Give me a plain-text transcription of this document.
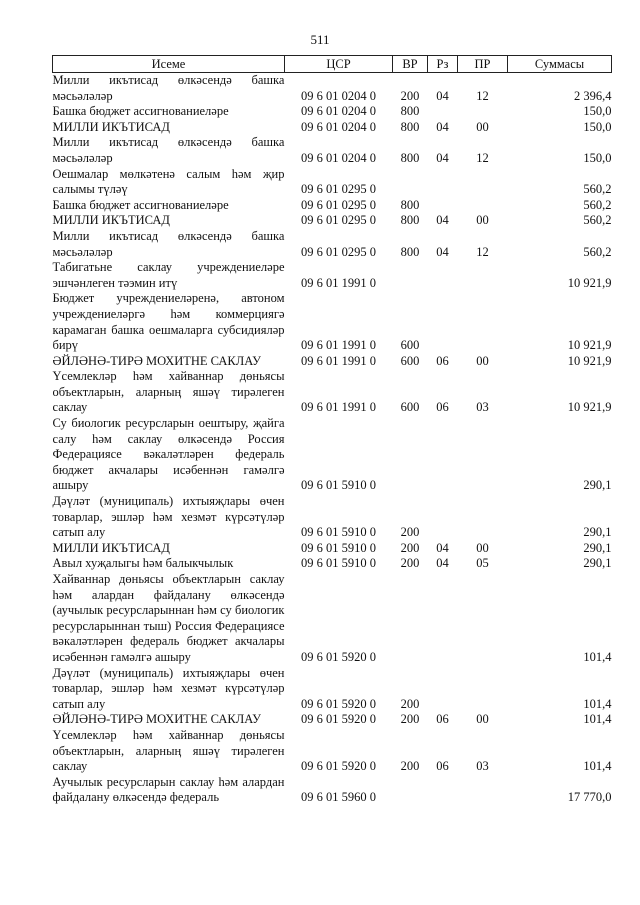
511
Исеме	ЦСР	ВР	Рз	ПР	Суммасы
Милли икътисад өлкәсендә башка мәсьәләләр	09 6 01 0204 0	200	04	12	2 396,4
Башка бюджет ассигнованиеләре	09 6 01 0204 0	800			150,0
МИЛЛИ ИКЪТИСАД	09 6 01 0204 0	800	04	00	150,0
Милли икътисад өлкәсендә башка мәсьәләләр	09 6 01 0204 0	800	04	12	150,0
Оешмалар мөлкәтенә салым һәм җир салымы түләү	09 6 01 0295 0				560,2
Башка бюджет ассигнованиеләре	09 6 01 0295 0	800			560,2
МИЛЛИ ИКЪТИСАД	09 6 01 0295 0	800	04	00	560,2
Милли икътисад өлкәсендә башка мәсьәләләр	09 6 01 0295 0	800	04	12	560,2
Табигатьне саклау учреждениеләре эшчәнлеген тәэмин итү	09 6 01 1991 0				10 921,9
Бюджет учреждениеләренә, автоном учреждениеләргә һәм коммерциягә карамаган башка оешмаларга субсидияләр бирү	09 6 01 1991 0	600			10 921,9
ӘЙЛӘНӘ-ТИРӘ МОХИТНЕ САКЛАУ	09 6 01 1991 0	600	06	00	10 921,9
Үсемлекләр һәм хайваннар дөньясы объектларын, аларның яшәү тирәлеген саклау	09 6 01 1991 0	600	06	03	10 921,9
Су биологик ресурсларын оештыру, җайга салу һәм саклау өлкәсендә Россия Федерациясе вәкаләтләрен федераль бюджет акчалары исәбеннән гамәлгә ашыру	09 6 01 5910 0				290,1
Дәүләт (муниципаль) ихтыяҗлары өчен товарлар, эшләр һәм хезмәт күрсәтүләр сатып алу	09 6 01 5910 0	200			290,1
МИЛЛИ ИКЪТИСАД	09 6 01 5910 0	200	04	00	290,1
Авыл хуҗалыгы һәм балыкчылык	09 6 01 5910 0	200	04	05	290,1
Хайваннар дөньясы объектларын саклау һәм алардан файдалану өлкәсендә (аучылык ресурсларыннан һәм су биологик ресурсларыннан тыш) Россия Федерациясе вәкаләтләрен федераль бюджет акчалары исәбеннән гамәлгә ашыру	09 6 01 5920 0				101,4
Дәүләт (муниципаль) ихтыяҗлары өчен товарлар, эшләр һәм хезмәт күрсәтүләр сатып алу	09 6 01 5920 0	200			101,4
ӘЙЛӘНӘ-ТИРӘ МОХИТНЕ САКЛАУ	09 6 01 5920 0	200	06	00	101,4
Үсемлекләр һәм хайваннар дөньясы объектларын, аларның яшәү тирәлеген саклау	09 6 01 5920 0	200	06	03	101,4
Аучылык ресурсларын саклау һәм алардан файдалану өлкәсендә федераль	09 6 01 5960 0				17 770,0
